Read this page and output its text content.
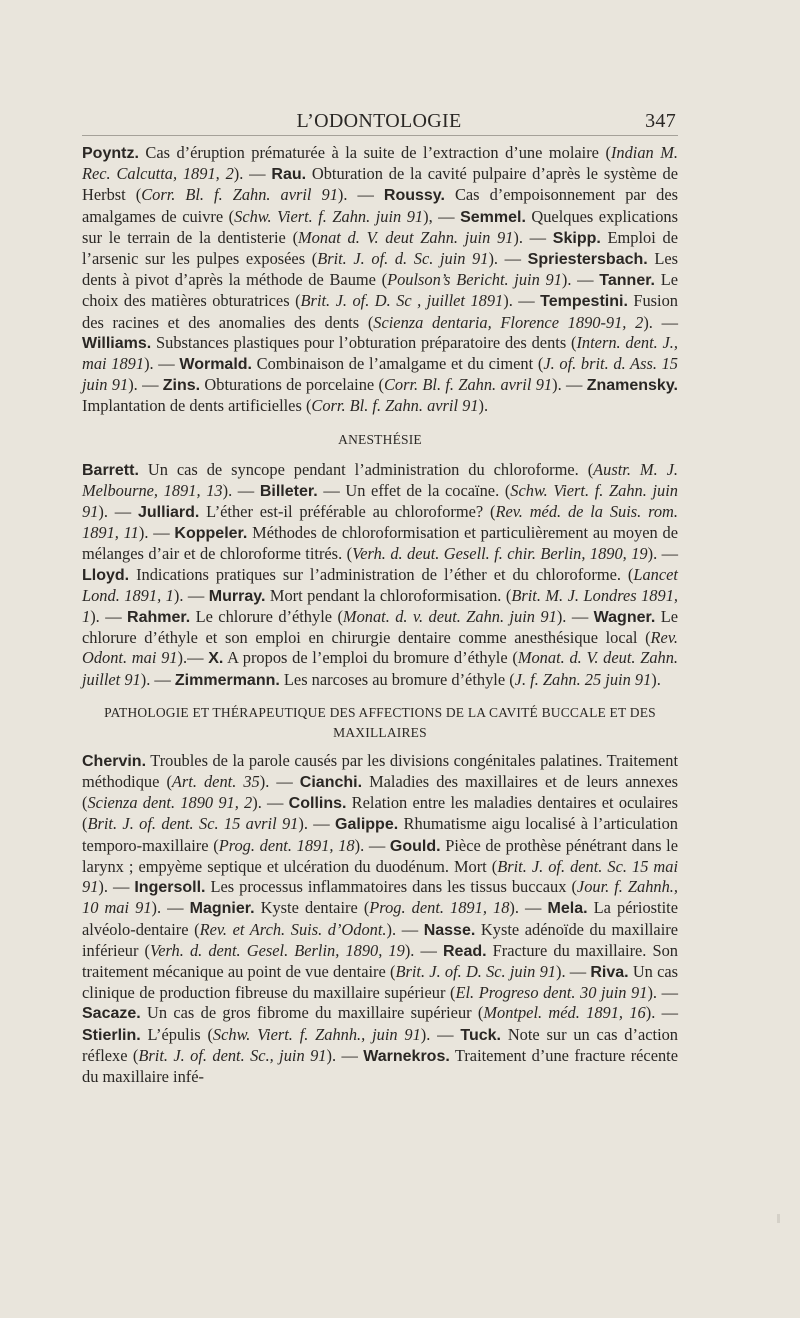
L’ODONTOLOGIE	347

Poyntz. Cas d’éruption prématurée à la suite de l’extraction d’une molaire (Indian M. Rec. Calcutta, 1891, 2). — Rau. Obturation de la cavité pulpaire d’après le système de Herbst (Corr. Bl. f. Zahn. avril 91). — Roussy. Cas d’empoisonnement par des amalgames de cuivre (Schw. Viert. f. Zahn. juin 91), — Semmel. Quelques explications sur le terrain de la dentisterie (Monat d. V. deut Zahn. juin 91). — Skipp. Emploi de l’arsenic sur les pulpes exposées (Brit. J. of. d. Sc. juin 91). — Spriestersbach. Les dents à pivot d’après la méthode de Baume (Poulson’s Bericht. juin 91). — Tanner. Le choix des matières obturatrices (Brit. J. of. D. Sc , juillet 1891). — Tempestini. Fusion des racines et des anomalies des dents (Scienza dentaria, Florence 1890-91, 2). — Williams. Substances plastiques pour l’obturation préparatoire des dents (Intern. dent. J., mai 1891). — Wormald. Combinaison de l’amalgame et du ciment (J. of. brit. d. Ass. 15 juin 91). — Zins. Obturations de porcelaine (Corr. Bl. f. Zahn. avril 91). — Znamensky. Implantation de dents artificielles (Corr. Bl. f. Zahn. avril 91).

ANESTHÉSIE

Barrett. Un cas de syncope pendant l’administration du chloroforme. (Austr. M. J. Melbourne, 1891, 13). — Billeter. — Un effet de la cocaïne. (Schw. Viert. f. Zahn. juin 91). — Julliard. L’éther est-il préférable au chloroforme? (Rev. méd. de la Suis. rom. 1891, 11). — Koppeler. Méthodes de chloroformisation et particulièrement au moyen de mélanges d’air et de chloroforme titrés. (Verh. d. deut. Gesell. f. chir. Berlin, 1890, 19). — Lloyd. Indications pratiques sur l’administration de l’éther et du chloroforme. (Lancet Lond. 1891, 1). — Murray. Mort pendant la chloroformisation. (Brit. M. J. Londres 1891, 1). — Rahmer. Le chlorure d’éthyle (Monat. d. v. deut. Zahn. juin 91). — Wagner. Le chlorure d’éthyle et son emploi en chirurgie dentaire comme anesthésique local (Rev. Odont. mai 91).— X. A propos de l’emploi du bromure d’éthyle (Monat. d. V. deut. Zahn. juillet 91). — Zimmermann. Les narcoses au bromure d’éthyle (J. f. Zahn. 25 juin 91).

PATHOLOGIE ET THÉRAPEUTIQUE DES AFFECTIONS DE LA CAVITÉ BUCCALE ET DES MAXILLAIRES

Chervin. Troubles de la parole causés par les divisions congénitales palatines. Traitement méthodique (Art. dent. 35). — Cianchi. Maladies des maxillaires et de leurs annexes (Scienza dent. 1890 91, 2). — Collins. Relation entre les maladies dentaires et oculaires (Brit. J. of. dent. Sc. 15 avril 91). — Galippe. Rhumatisme aigu localisé à l’articulation temporo-maxillaire (Prog. dent. 1891, 18). — Gould. Pièce de prothèse pénétrant dans le larynx ; empyème septique et ulcération du duodénum. Mort (Brit. J. of. dent. Sc. 15 mai 91). — Ingersoll. Les processus inflammatoires dans les tissus buccaux (Jour. f. Zahnh., 10 mai 91). — Magnier. Kyste dentaire (Prog. dent. 1891, 18). — Mela. La périostite alvéolo-dentaire (Rev. et Arch. Suis. d’Odont.). — Nasse. Kyste adénoïde du maxillaire inférieur (Verh. d. dent. Gesel. Berlin, 1890, 19). — Read. Fracture du maxillaire. Son traitement mécanique au point de vue dentaire (Brit. J. of. D. Sc. juin 91). — Riva. Un cas clinique de production fibreuse du maxillaire supérieur (El. Progreso dent. 30 juin 91). — Sacaze. Un cas de gros fibrome du maxillaire supérieur (Montpel. méd. 1891, 16). — Stierlin. L’épulis (Schw. Viert. f. Zahnh., juin 91). — Tuck. Note sur un cas d’action réflexe (Brit. J. of. dent. Sc., juin 91). — Warnekros. Traitement d’une fracture récente du maxillaire infé-
